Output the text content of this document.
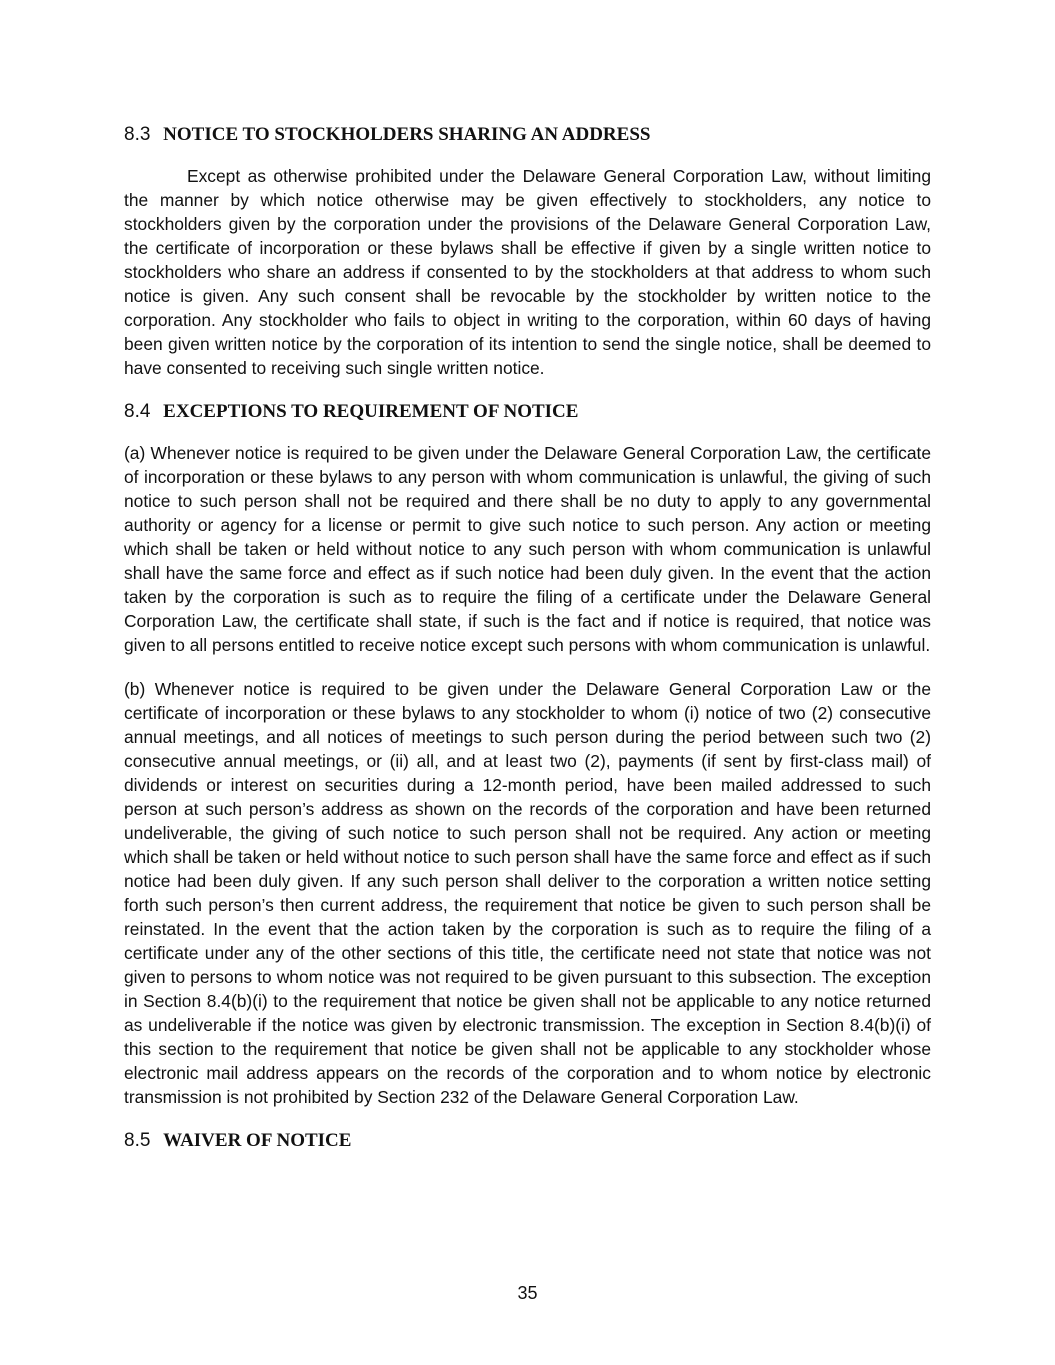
8.3 NOTICE TO STOCKHOLDERS SHARING AN ADDRESS

Except as otherwise prohibited under the Delaware General Corporation Law, without limiting the manner by which notice otherwise may be given effectively to stockholders, any notice to stockholders given by the corporation under the provisions of the Delaware General Corporation Law, the certificate of incorporation or these bylaws shall be effective if given by a single written notice to stockholders who share an address if consented to by the stockholders at that address to whom such notice is given. Any such consent shall be revocable by the stockholder by written notice to the corporation. Any stockholder who fails to object in writing to the corporation, within 60 days of having been given written notice by the corporation of its intention to send the single notice, shall be deemed to have consented to receiving such single written notice.

8.4 EXCEPTIONS TO REQUIREMENT OF NOTICE

(a) Whenever notice is required to be given under the Delaware General Corporation Law, the certificate of incorporation or these bylaws to any person with whom communication is unlawful, the giving of such notice to such person shall not be required and there shall be no duty to apply to any governmental authority or agency for a license or permit to give such notice to such person. Any action or meeting which shall be taken or held without notice to any such person with whom communication is unlawful shall have the same force and effect as if such notice had been duly given. In the event that the action taken by the corporation is such as to require the filing of a certificate under the Delaware General Corporation Law, the certificate shall state, if such is the fact and if notice is required, that notice was given to all persons entitled to receive notice except such persons with whom communication is unlawful.

(b) Whenever notice is required to be given under the Delaware General Corporation Law or the certificate of incorporation or these bylaws to any stockholder to whom (i) notice of two (2) consecutive annual meetings, and all notices of meetings to such person during the period between such two (2) consecutive annual meetings, or (ii) all, and at least two (2), payments (if sent by first-class mail) of dividends or interest on securities during a 12-month period, have been mailed addressed to such person at such person’s address as shown on the records of the corporation and have been returned undeliverable, the giving of such notice to such person shall not be required. Any action or meeting which shall be taken or held without notice to such person shall have the same force and effect as if such notice had been duly given. If any such person shall deliver to the corporation a written notice setting forth such person’s then current address, the requirement that notice be given to such person shall be reinstated. In the event that the action taken by the corporation is such as to require the filing of a certificate under any of the other sections of this title, the certificate need not state that notice was not given to persons to whom notice was not required to be given pursuant to this subsection. The exception in Section 8.4(b)(i) to the requirement that notice be given shall not be applicable to any notice returned as undeliverable if the notice was given by electronic transmission. The exception in Section 8.4(b)(i) of this section to the requirement that notice be given shall not be applicable to any stockholder whose electronic mail address appears on the records of the corporation and to whom notice by electronic transmission is not prohibited by Section 232 of the Delaware General Corporation Law.

8.5 WAIVER OF NOTICE
35
